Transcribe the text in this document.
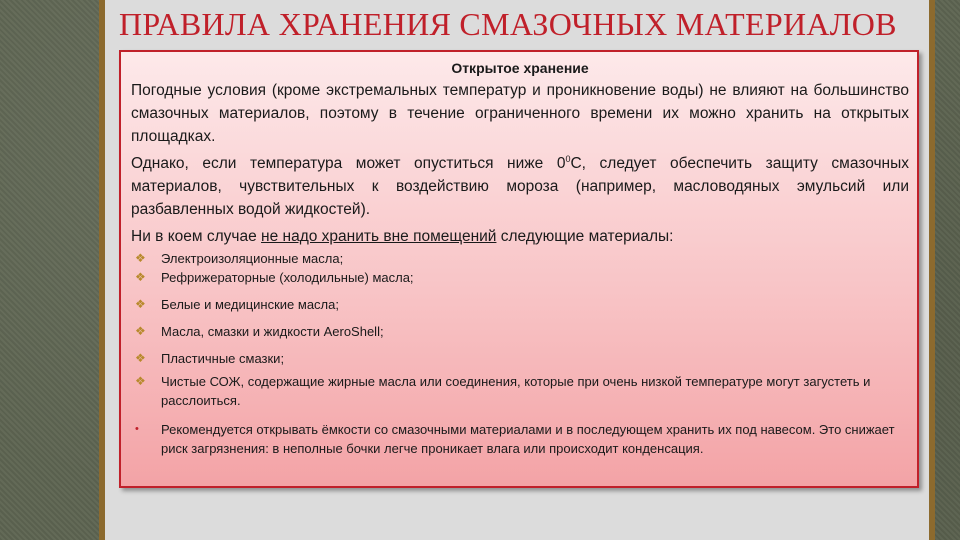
ПРАВИЛА ХРАНЕНИЯ СМАЗОЧНЫХ МАТЕРИАЛОВ
Открытое хранение

Погодные условия (кроме экстремальных температур и проникновение воды) не влияют на большинство смазочных материалов, поэтому в течение ограниченного времени их можно хранить на открытых площадках.

Однако, если температура может опуститься ниже $0^0С$, следует обеспечить защиту смазочных материалов, чувствительных к воздействию мороза (например, масловодяных эмульсий или разбавленных водой жидкостей).

Ни в коем случае не надо хранить вне помещений следующие материалы:

❖ Электроизоляционные масла;
❖ Рефрижераторные (холодильные) масла;
❖ Белые и медицинские масла;
❖ Масла, смазки и жидкости AeroShell;
❖ Пластичные смазки;
❖ Чистые СОЖ, содержащие жирные масла или соединения, которые при очень низкой температуре могут загустеть и расслоиться.
• Рекомендуется открывать ёмкости со смазочными материалами и в последующем хранить их под навесом. Это снижает риск загрязнения: в неполные бочки легче проникает влага или происходит конденсация.
